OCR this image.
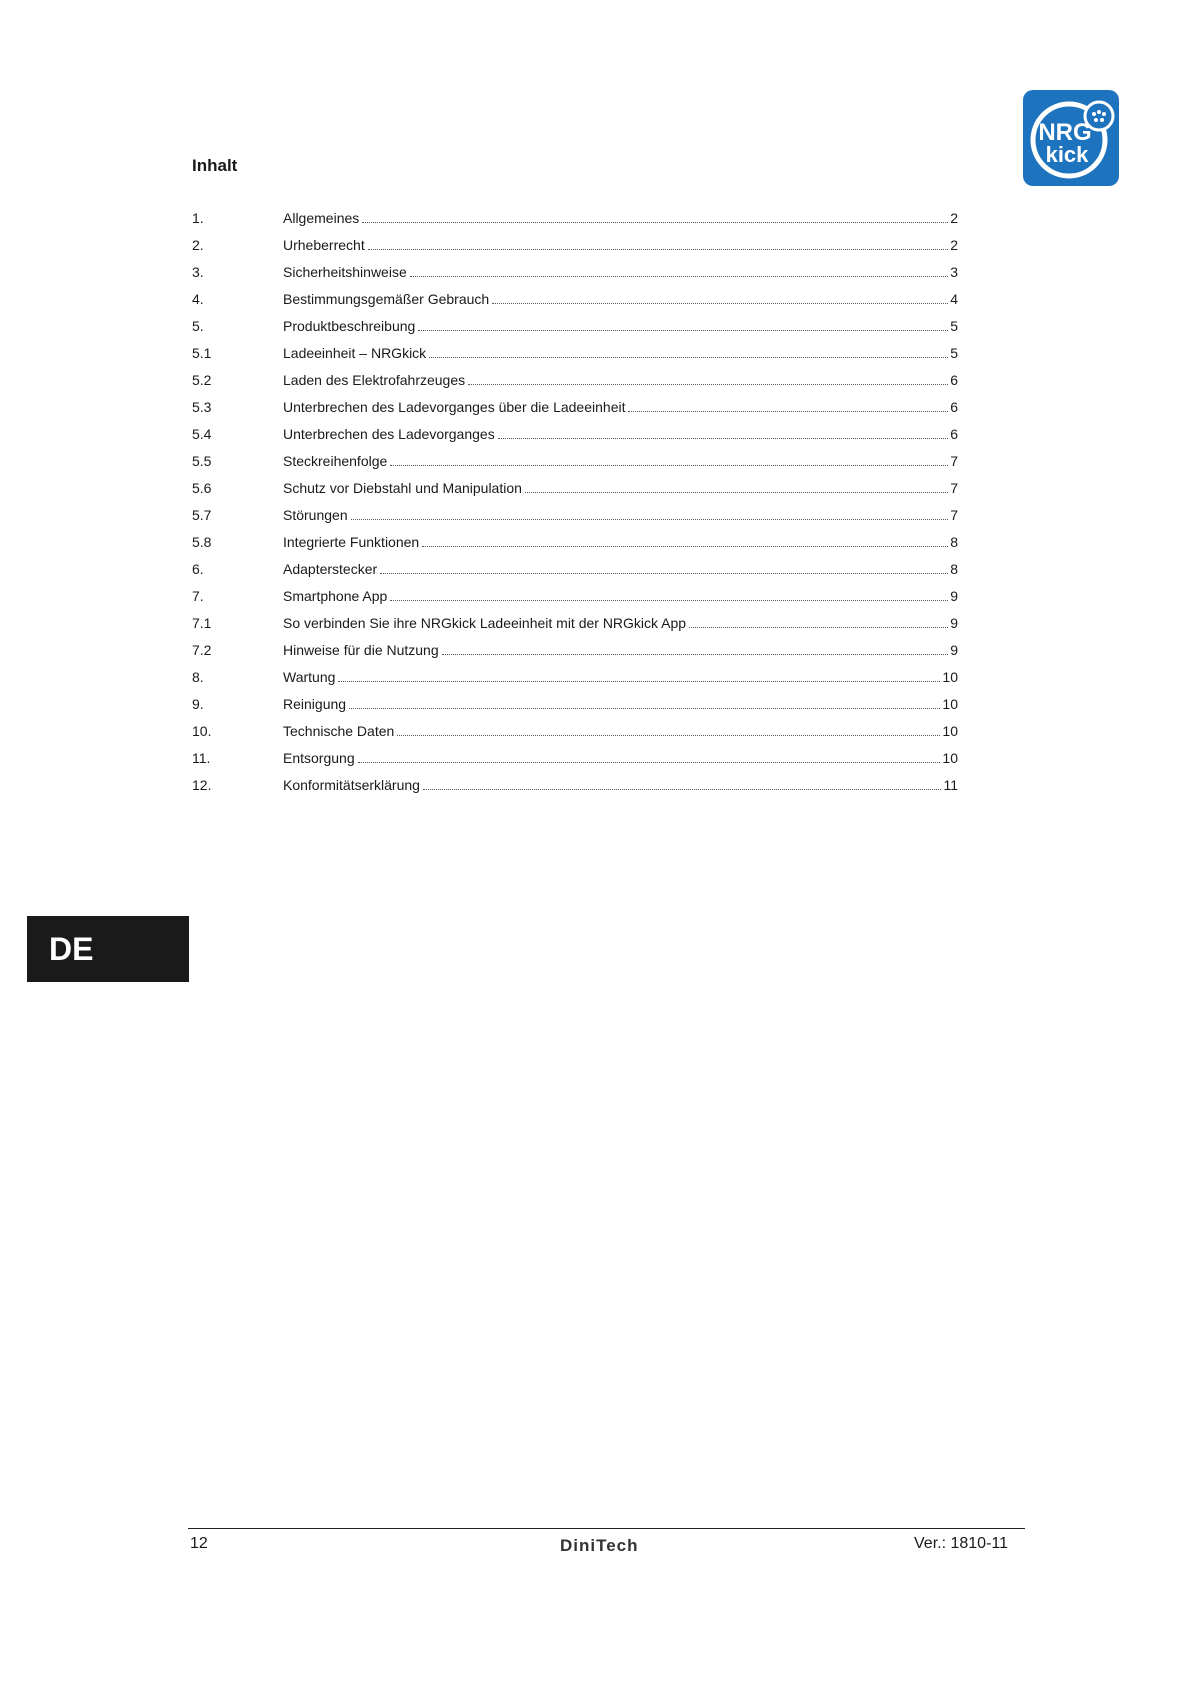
NRG
kick
Inhalt
1.	Allgemeines	2
2.	Urheberrecht	2
3.	Sicherheitshinweise	3
4.	Bestimmungsgemäßer Gebrauch	4
5.	Produktbeschreibung	5
5.1	Ladeeinheit – NRGkick	5
5.2	Laden des Elektrofahrzeuges	6
5.3	Unterbrechen des Ladevorganges über die Ladeeinheit	6
5.4	Unterbrechen des Ladevorganges	6
5.5	Steckreihenfolge	7
5.6	Schutz vor Diebstahl und Manipulation	7
5.7	Störungen	7
5.8	Integrierte Funktionen	8
6.	Adapterstecker	8
7.	Smartphone App	9
7.1	So verbinden Sie ihre NRGkick Ladeeinheit mit der NRGkick App	9
7.2	Hinweise für die Nutzung	9
8.	Wartung	10
9.	Reinigung	10
10.	Technische Daten	10
11.	Entsorgung	10
12.	Konformitätserklärung	11
DE
12	DiniTech	Ver.: 1810-11
